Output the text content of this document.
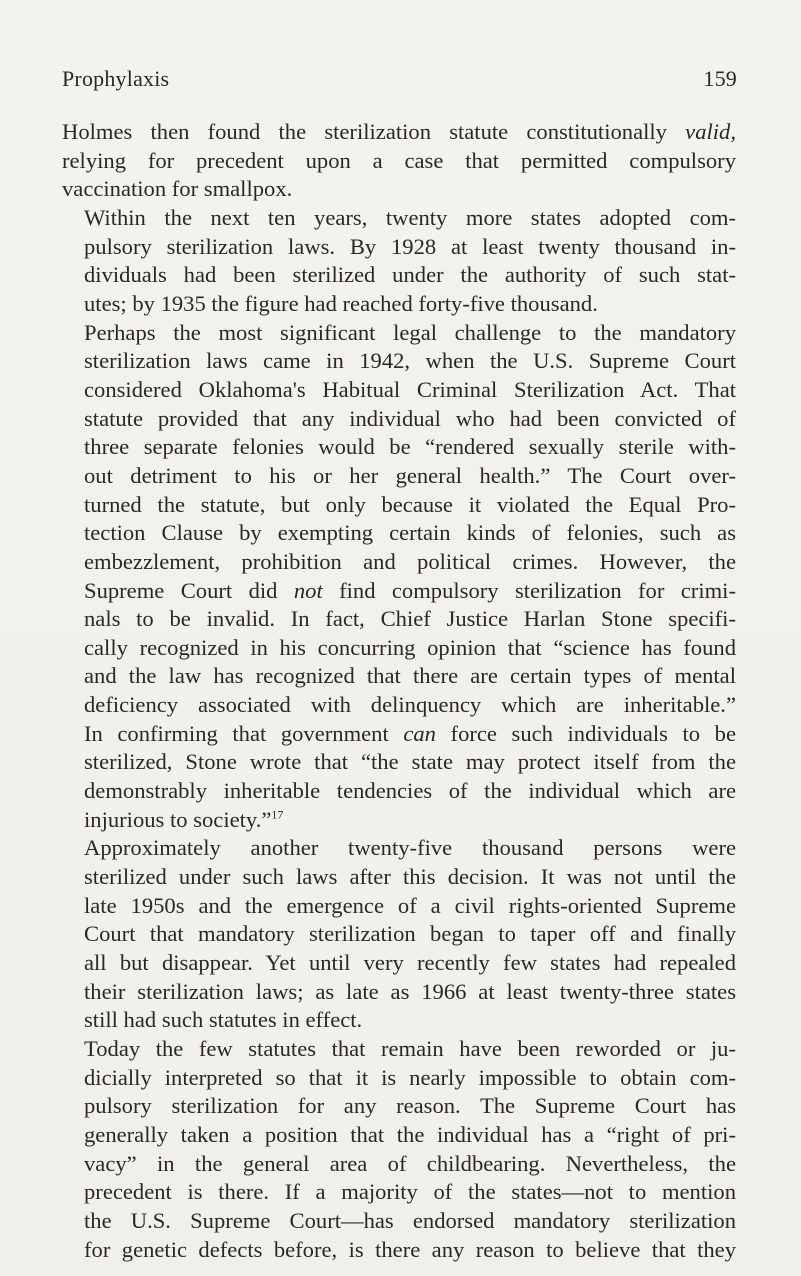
Prophylaxis	159

Holmes then found the sterilization statute constitutionally valid,
relying for precedent upon a case that permitted compulsory
vaccination for smallpox.

Within the next ten years, twenty more states adopted com-
pulsory sterilization laws. By 1928 at least twenty thousand in-
dividuals had been sterilized under the authority of such stat-
utes; by 1935 the figure had reached forty-five thousand.

Perhaps the most significant legal challenge to the mandatory
sterilization laws came in 1942, when the U.S. Supreme Court
considered Oklahoma's Habitual Criminal Sterilization Act. That
statute provided that any individual who had been convicted of
three separate felonies would be “rendered sexually sterile with-
out detriment to his or her general health.” The Court over-
turned the statute, but only because it violated the Equal Pro-
tection Clause by exempting certain kinds of felonies, such as
embezzlement, prohibition and political crimes. However, the
Supreme Court did not find compulsory sterilization for crimi-
nals to be invalid. In fact, Chief Justice Harlan Stone specifi-
cally recognized in his concurring opinion that “science has found
and the law has recognized that there are certain types of mental
deficiency associated with delinquency which are inheritable.”
In confirming that government can force such individuals to be
sterilized, Stone wrote that “the state may protect itself from the
demonstrably inheritable tendencies of the individual which are
injurious to society.”$^{17}$

Approximately another twenty-five thousand persons were
sterilized under such laws after this decision. It was not until the
late 1950s and the emergence of a civil rights-oriented Supreme
Court that mandatory sterilization began to taper off and finally
all but disappear. Yet until very recently few states had repealed
their sterilization laws; as late as 1966 at least twenty-three states
still had such statutes in effect.

Today the few statutes that remain have been reworded or ju-
dicially interpreted so that it is nearly impossible to obtain com-
pulsory sterilization for any reason. The Supreme Court has
generally taken a position that the individual has a “right of pri-
vacy” in the general area of childbearing. Nevertheless, the
precedent is there. If a majority of the states—not to mention
the U.S. Supreme Court—has endorsed mandatory sterilization
for genetic defects before, is there any reason to believe that they
